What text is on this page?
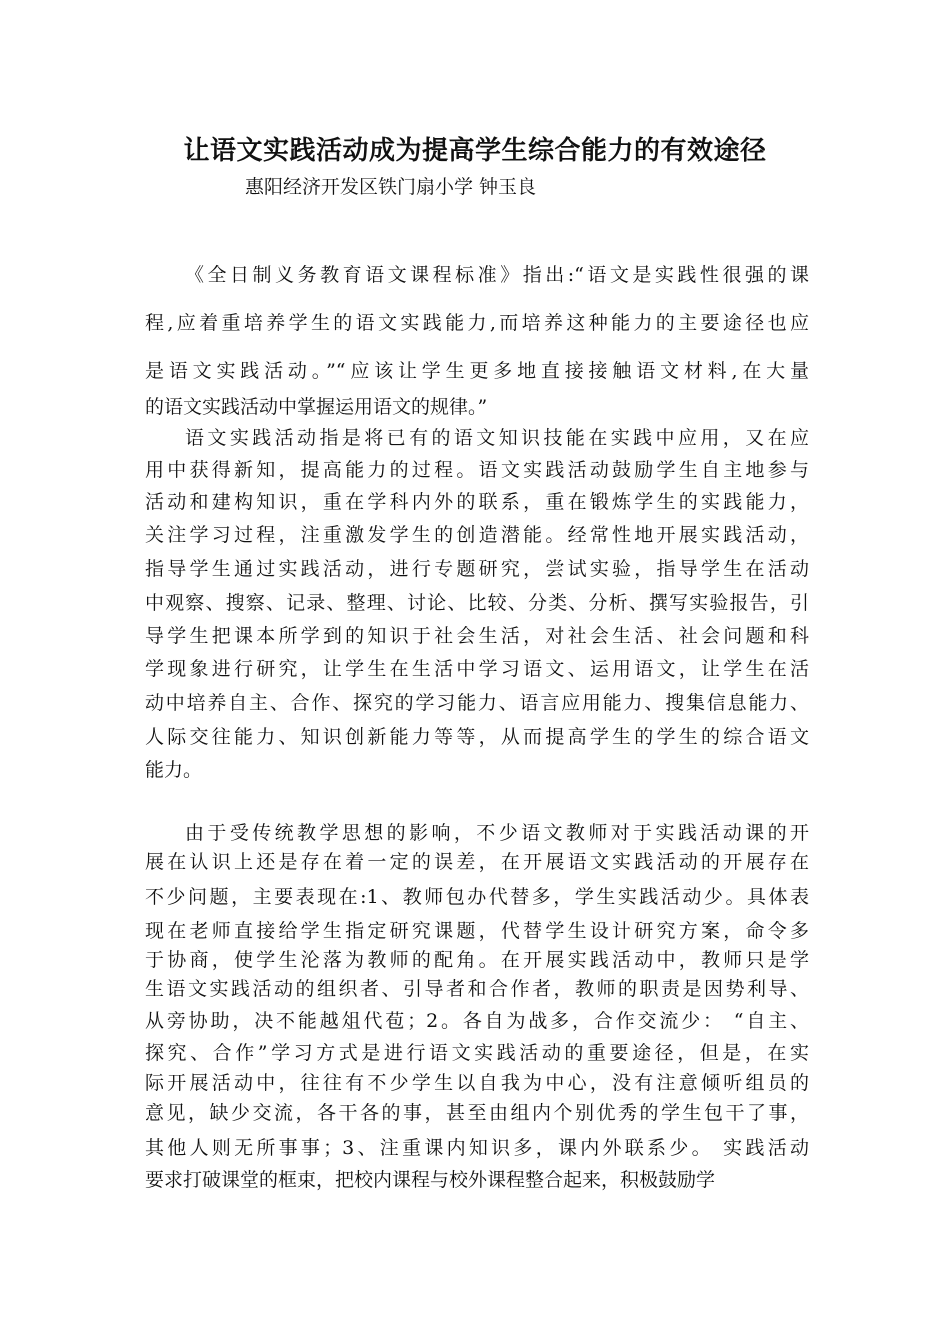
让语文实践活动成为提高学生综合能力的有效途径
惠阳经济开发区铁门扇小学 钟玉良
《全日制义务教育语文课程标准》指出:“语文是实践性很强的课
程,应着重培养学生的语文实践能力,而培养这种能力的主要途径也应
是语文实践活动。”“应该让学生更多地直接接触语文材料,在大量
的语文实践活动中掌握运用语文的规律。”
语文实践活动指是将已有的语文知识技能在实践中应用，又在应
用中获得新知，提高能力的过程。语文实践活动鼓励学生自主地参与
活动和建构知识，重在学科内外的联系，重在锻炼学生的实践能力，
关注学习过程，注重激发学生的创造潜能。经常性地开展实践活动，
指导学生通过实践活动，进行专题研究，尝试实验，指导学生在活动
中观察、搜察、记录、整理、讨论、比较、分类、分析、撰写实验报告，引
导学生把课本所学到的知识于社会生活，对社会生活、社会问题和科
学现象进行研究，让学生在生活中学习语文、运用语文，让学生在活
动中培养自主、合作、探究的学习能力、语言应用能力、搜集信息能力、
人际交往能力、知识创新能力等等，从而提高学生的学生的综合语文
能力。
由于受传统教学思想的影响，不少语文教师对于实践活动课的开
展在认识上还是存在着一定的误差，在开展语文实践活动的开展存在
不少问题，主要表现在:1、教师包办代替多，学生实践活动少。具体表
现在老师直接给学生指定研究课题，代替学生设计研究方案，命令多
于协商，使学生沦落为教师的配角。在开展实践活动中，教师只是学
生语文实践活动的组织者、引导者和合作者，教师的职责是因势利导、
从旁协助，决不能越俎代苞；2。各自为战多，合作交流少： “自主、
探究、合作”学习方式是进行语文实践活动的重要途径，但是，在实
际开展活动中，往往有不少学生以自我为中心，没有注意倾听组员的
意见，缺少交流，各干各的事，甚至由组内个别优秀的学生包干了事，
其他人则无所事事；3、注重课内知识多，课内外联系少。 实践活动
要求打破课堂的框束，把校内课程与校外课程整合起来，积极鼓励学
